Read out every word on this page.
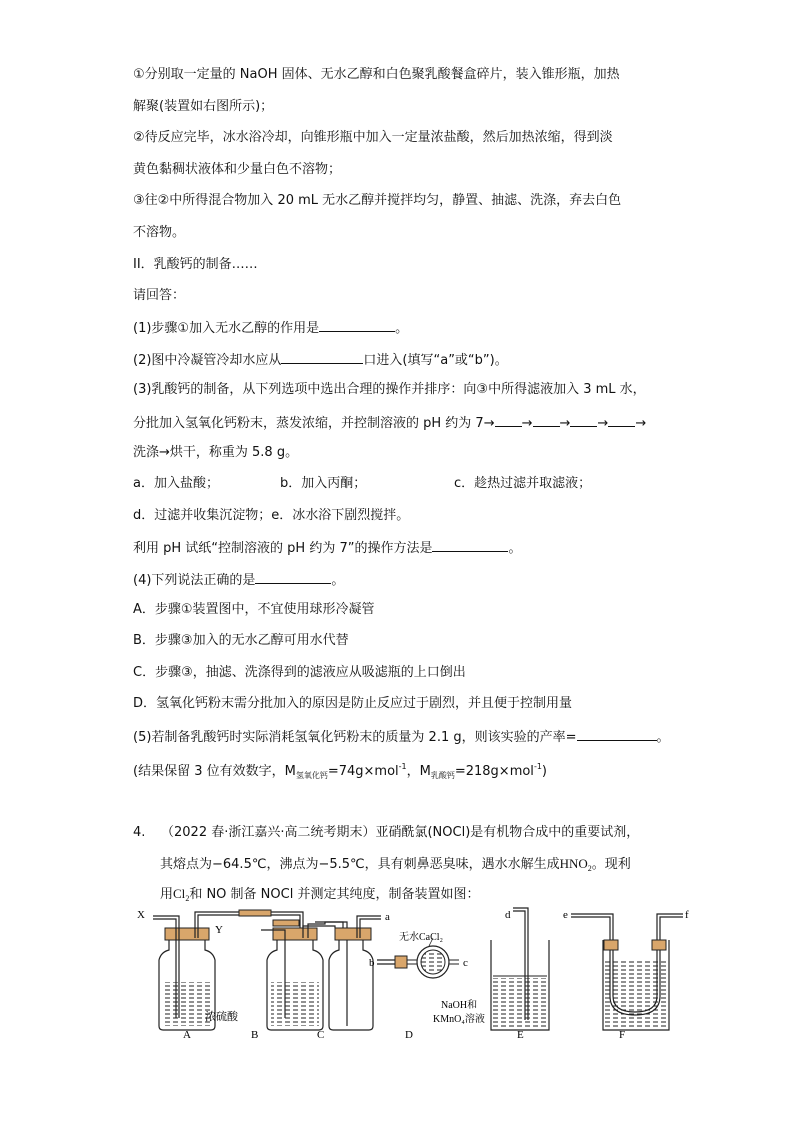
①分别取一定量的 NaOH 固体、无水乙醇和白色聚乳酸餐盒碎片，装入锥形瓶，加热
解聚(装置如右图所示)；
②待反应完毕，冰水浴冷却，向锥形瓶中加入一定量浓盐酸，然后加热浓缩，得到淡
黄色黏稠状液体和少量白色不溶物；
③往②中所得混合物加入 20 mL 无水乙醇并搅拌均匀，静置、抽滤、洗涤，弃去白色
不溶物。
II．乳酸钙的制备……
请回答：
(1)步骤①加入无水乙醇的作用是	。
(2)图中冷凝管冷却水应从	口进入(填写“a”或“b”)。
(3)乳酸钙的制备，从下列选项中选出合理的操作并排序：向③中所得滤液加入 3 mL 水，
分批加入氢氧化钙粉末，蒸发浓缩，并控制溶液的 pH 约为 7→ → → → →
洗涤→烘干，称重为 5.8 g。
a．加入盐酸；	b．加入丙酮；	c．趁热过滤并取滤液；
d．过滤并收集沉淀物；e．冰水浴下剧烈搅拌。
利用 pH 试纸“控制溶液的 pH 约为 7”的操作方法是	。
(4)下列说法正确的是	。
A．步骤①装置图中，不宜使用球形冷凝管
B．步骤③加入的无水乙醇可用水代替
C．步骤③，抽滤、洗涤得到的滤液应从吸滤瓶的上口倒出
D．氢氧化钙粉末需分批加入的原因是防止反应过于剧烈，并且便于控制用量
(5)若制备乳酸钙时实际消耗氢氧化钙粉末的质量为 2.1 g，则该实验的产率=	。
(结果保留 3 位有效数字，$M_{氢氧化钙}=74g\times mol^{-1}$，$M_{乳酸钙}=218g\times mol^{-1}$)
4. （2022 春·浙江嘉兴·高二统考期末）亚硝酰氯(NOCl)是有机物合成中的重要试剂，
其熔点为−64.5℃，沸点为−5.5℃，具有刺鼻恶臭味，遇水水解生成$HNO_2$。现利
用$Cl_2$和 NO 制备 NOCl 并测定其纯度，制备装置如图：
X
Y
a
b	c
d	e	f
无水CaCl₂
浓硫酸
NaOH和
KMnO₄溶液
A	B	C	D	E	F
